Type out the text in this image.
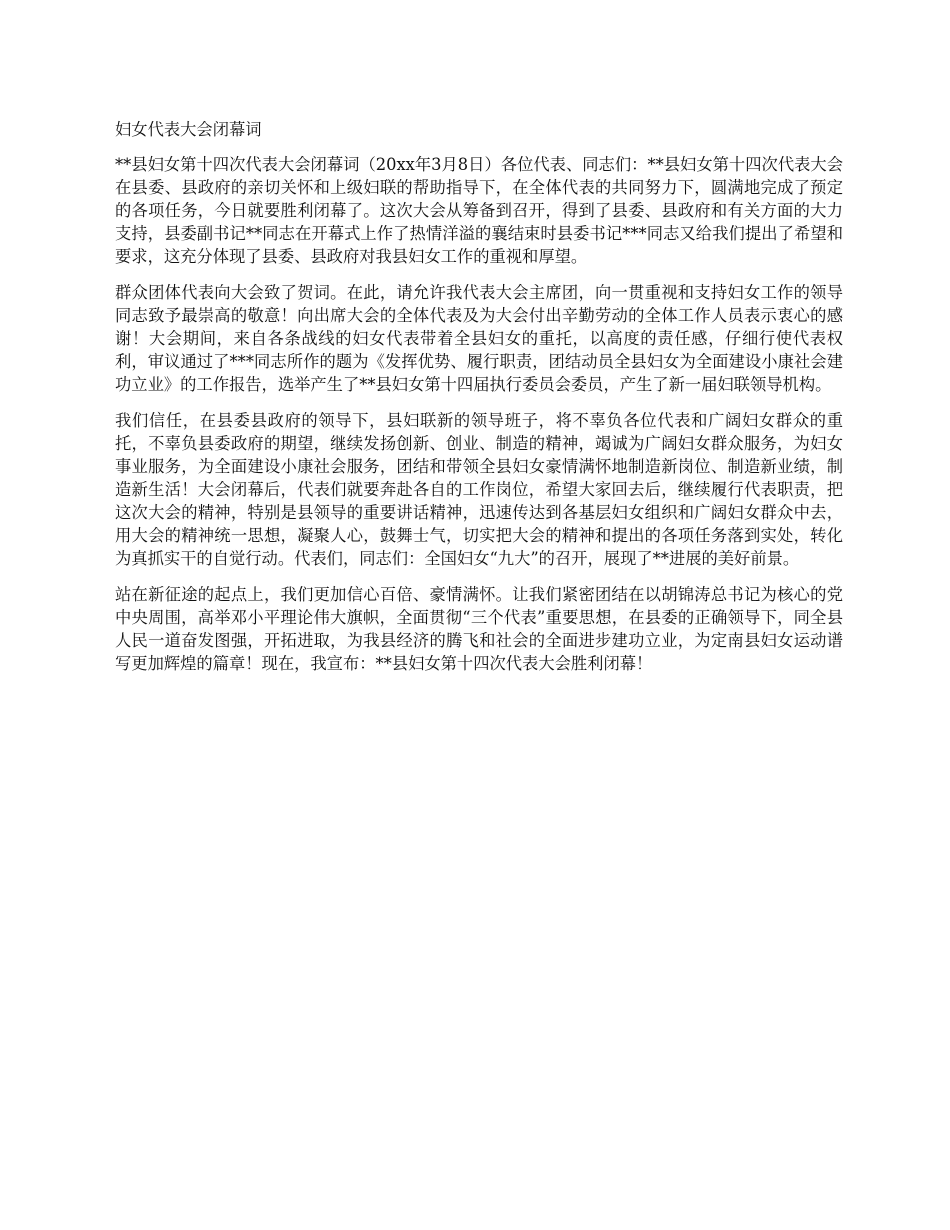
妇女代表大会闭幕词

**县妇女第十四次代表大会闭幕词（20xx年3月8日）各位代表、同志们：**县妇女第十四次代表大会在县委、县政府的亲切关怀和上级妇联的帮助指导下，在全体代表的共同努力下，圆满地完成了预定的各项任务，今日就要胜利闭幕了。这次大会从筹备到召开，得到了县委、县政府和有关方面的大力支持，县委副书记**同志在开幕式上作了热情洋溢的襄结束时县委书记***同志又给我们提出了希望和要求，这充分体现了县委、县政府对我县妇女工作的重视和厚望。

群众团体代表向大会致了贺词。在此，请允许我代表大会主席团，向一贯重视和支持妇女工作的领导同志致予最崇高的敬意！向出席大会的全体代表及为大会付出辛勤劳动的全体工作人员表示衷心的感谢！大会期间，来自各条战线的妇女代表带着全县妇女的重托，以高度的责任感，仔细行使代表权利，审议通过了***同志所作的题为《发挥优势、履行职责，团结动员全县妇女为全面建设小康社会建功立业》的工作报告，选举产生了**县妇女第十四届执行委员会委员，产生了新一届妇联领导机构。

我们信任，在县委县政府的领导下，县妇联新的领导班子，将不辜负各位代表和广阔妇女群众的重托，不辜负县委政府的期望，继续发扬创新、创业、制造的精神，竭诚为广阔妇女群众服务，为妇女事业服务，为全面建设小康社会服务，团结和带领全县妇女豪情满怀地制造新岗位、制造新业绩，制造新生活！大会闭幕后，代表们就要奔赴各自的工作岗位，希望大家回去后，继续履行代表职责，把这次大会的精神，特别是县领导的重要讲话精神，迅速传达到各基层妇女组织和广阔妇女群众中去，用大会的精神统一思想，凝聚人心，鼓舞士气，切实把大会的精神和提出的各项任务落到实处，转化为真抓实干的自觉行动。代表们，同志们：全国妇女“九大”的召开，展现了**进展的美好前景。

站在新征途的起点上，我们更加信心百倍、豪情满怀。让我们紧密团结在以胡锦涛总书记为核心的党中央周围，高举邓小平理论伟大旗帜，全面贯彻“三个代表”重要思想，在县委的正确领导下，同全县人民一道奋发图强，开拓进取，为我县经济的腾飞和社会的全面进步建功立业，为定南县妇女运动谱写更加辉煌的篇章！现在，我宣布：**县妇女第十四次代表大会胜利闭幕！
